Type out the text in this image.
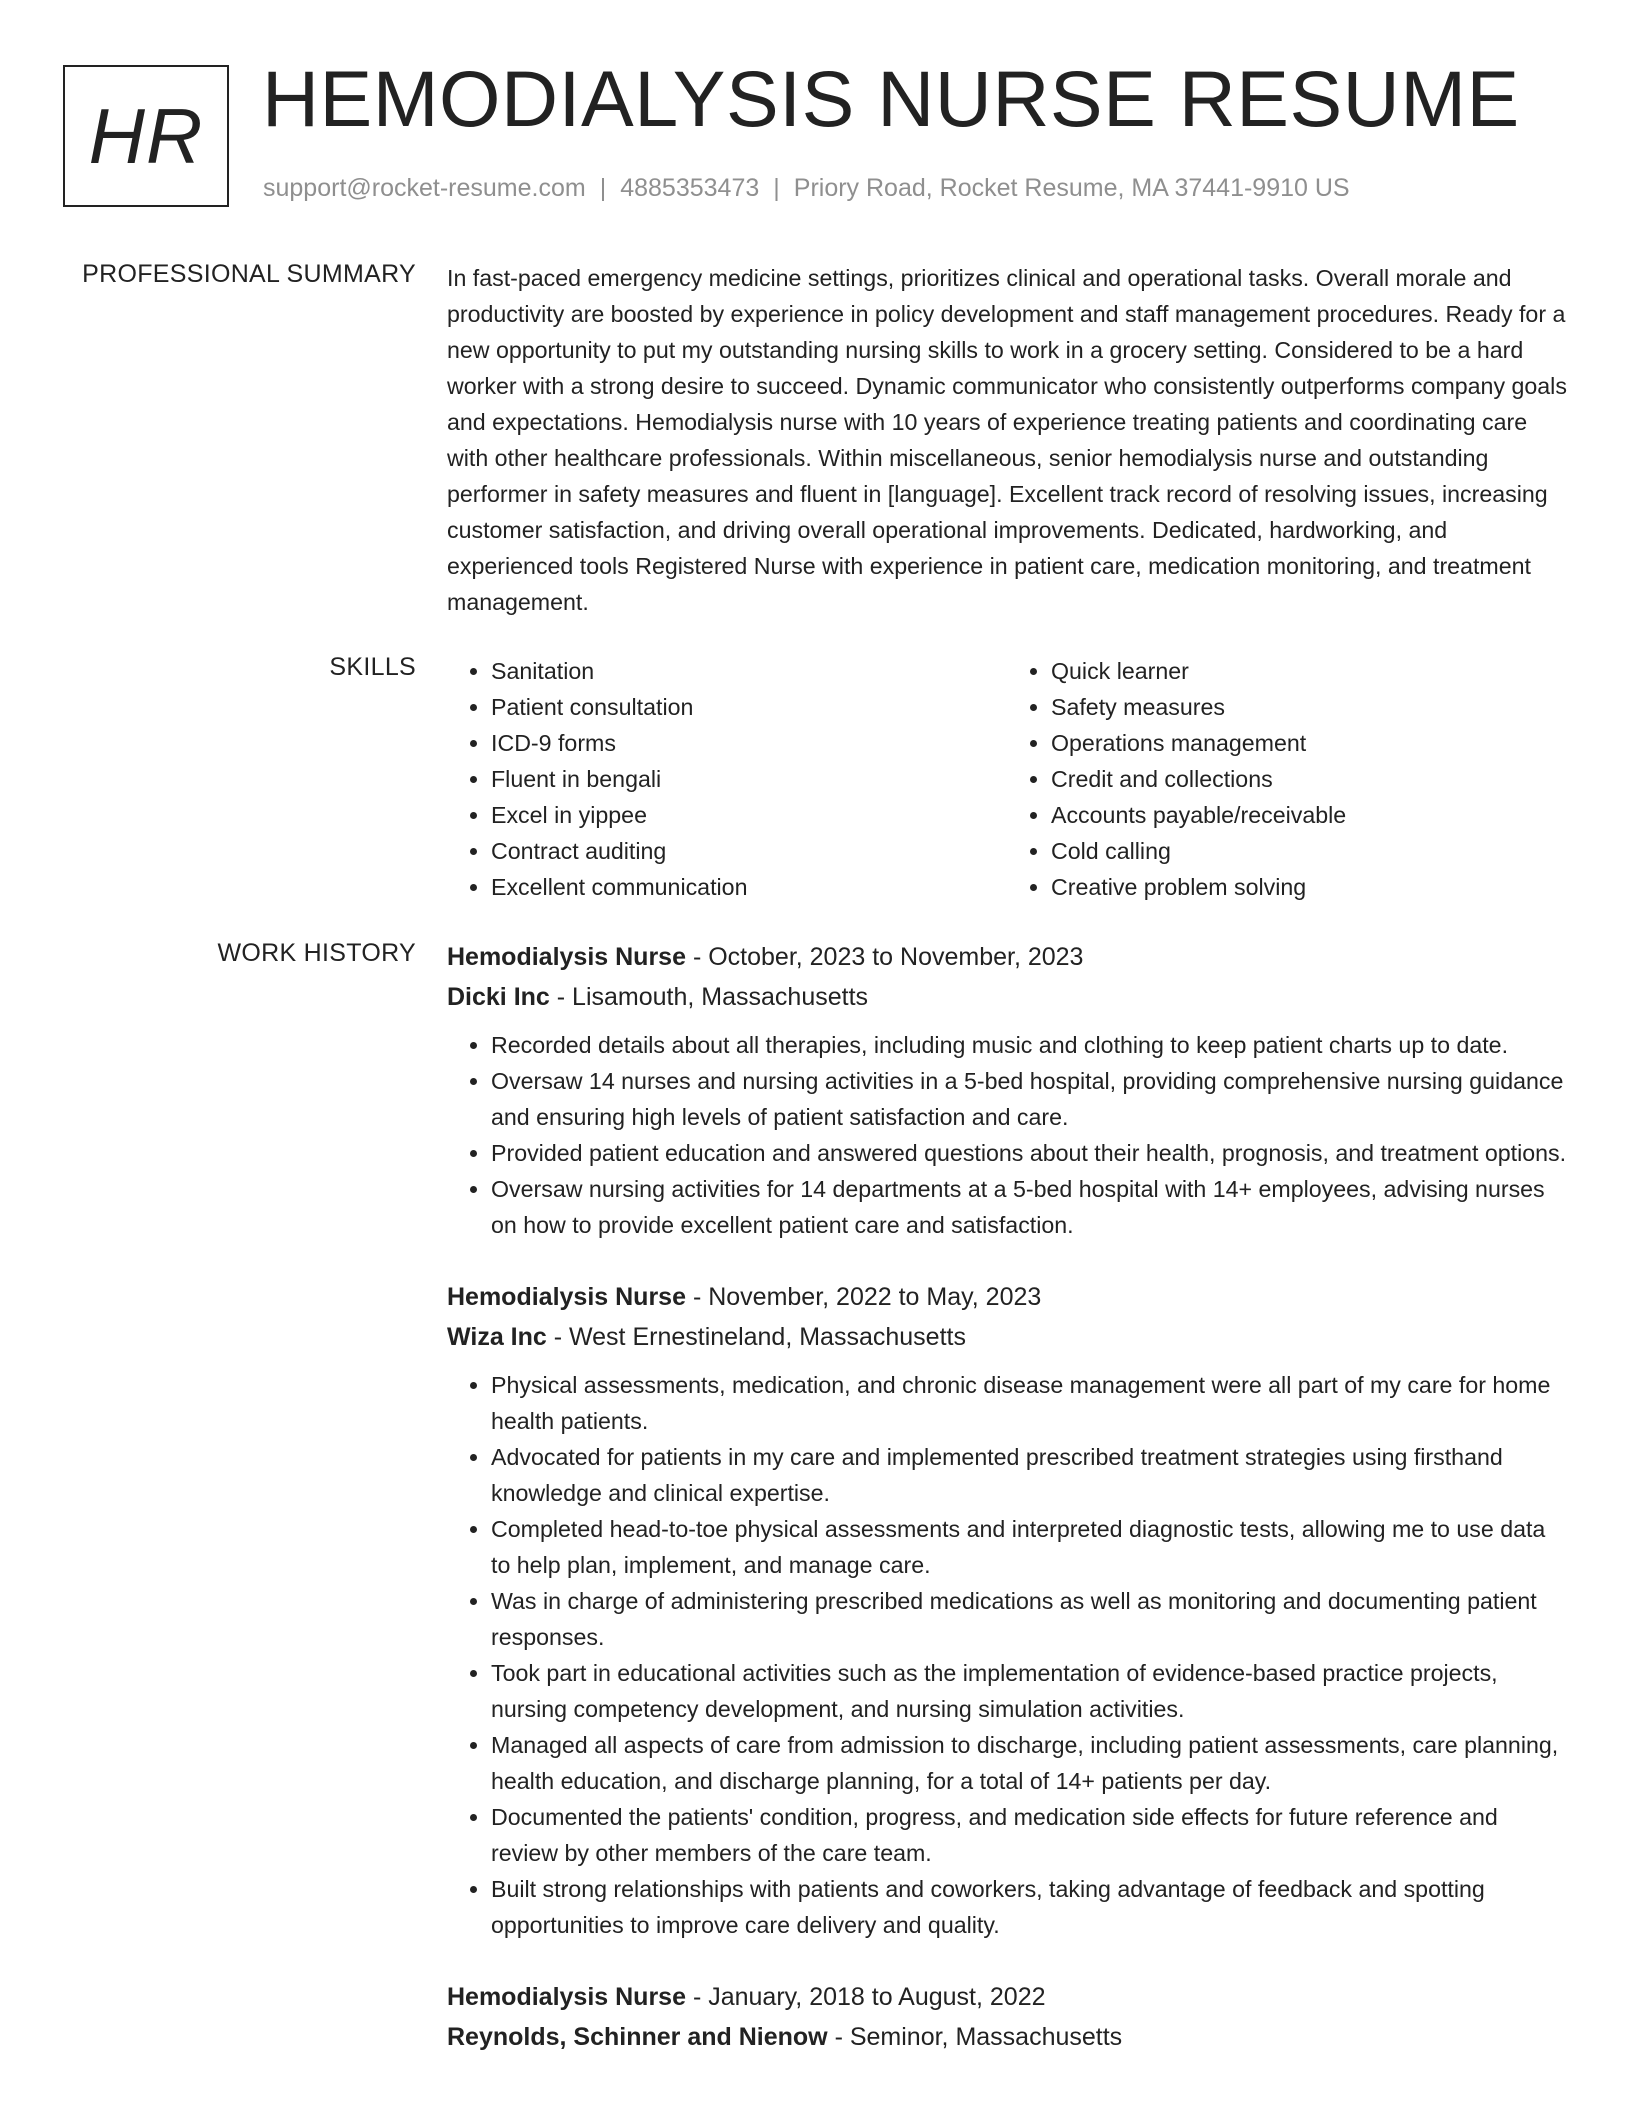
HR HEMODIALYSIS NURSE RESUME
support@rocket-resume.com | 4885353473 | Priory Road, Rocket Resume, MA 37441-9910 US
PROFESSIONAL SUMMARY In fast-paced emergency medicine settings, prioritizes clinical and operational tasks. Overall morale and productivity are boosted by experience in policy development and staff management procedures. Ready for a new opportunity to put my outstanding nursing skills to work in a grocery setting. Considered to be a hard worker with a strong desire to succeed. Dynamic communicator who consistently outperforms company goals and expectations. Hemodialysis nurse with 10 years of experience treating patients and coordinating care with other healthcare professionals. Within miscellaneous, senior hemodialysis nurse and outstanding performer in safety measures and fluent in [language]. Excellent track record of resolving issues, increasing customer satisfaction, and driving overall operational improvements. Dedicated, hardworking, and experienced tools Registered Nurse with experience in patient care, medication monitoring, and treatment management.

SKILLS
•	Sanitation
• Patient consultation
• ICD-9 forms
• Fluent in bengali
• Excel in yippee
• Contract auditing
• Excellent communication
• Quick learner
• Safety measures
• Operations management
• Credit and collections
• Accounts payable/receivable
• Cold calling
• Creative problem solving
WORK HISTORY Hemodialysis Nurse - October, 2023 to November, 2023
Dicki Inc - Lisamouth, Massachusetts
• Recorded details about all therapies, including music and clothing to keep patient charts up to date.
• Oversaw 14 nurses and nursing activities in a 5-bed hospital, providing comprehensive nursing guidance and ensuring high levels of patient satisfaction and care.
• Provided patient education and answered questions about their health, prognosis, and treatment options.
• Oversaw nursing activities for 14 departments at a 5-bed hospital with 14+ employees, advising nurses on how to provide excellent patient care and satisfaction.
Hemodialysis Nurse - November, 2022 to May, 2023
Wiza Inc - West Ernestineland, Massachusetts
• Physical assessments, medication, and chronic disease management were all part of my care for home health patients.
• Advocated for patients in my care and implemented prescribed treatment strategies using firsthand knowledge and clinical expertise.
• Completed head-to-toe physical assessments and interpreted diagnostic tests, allowing me to use data to help plan, implement, and manage care.
• Was in charge of administering prescribed medications as well as monitoring and documenting patient responses.
• Took part in educational activities such as the implementation of evidence-based practice projects, nursing competency development, and nursing simulation activities.
• Managed all aspects of care from admission to discharge, including patient assessments, care planning, health education, and discharge planning, for a total of 14+ patients per day.
• Documented the patients' condition, progress, and medication side effects for future reference and review by other members of the care team.
• Built strong relationships with patients and coworkers, taking advantage of feedback and spotting opportunities to improve care delivery and quality.
Hemodialysis Nurse - January, 2018 to August, 2022
Reynolds, Schinner and Nienow - Seminor, Massachusetts
